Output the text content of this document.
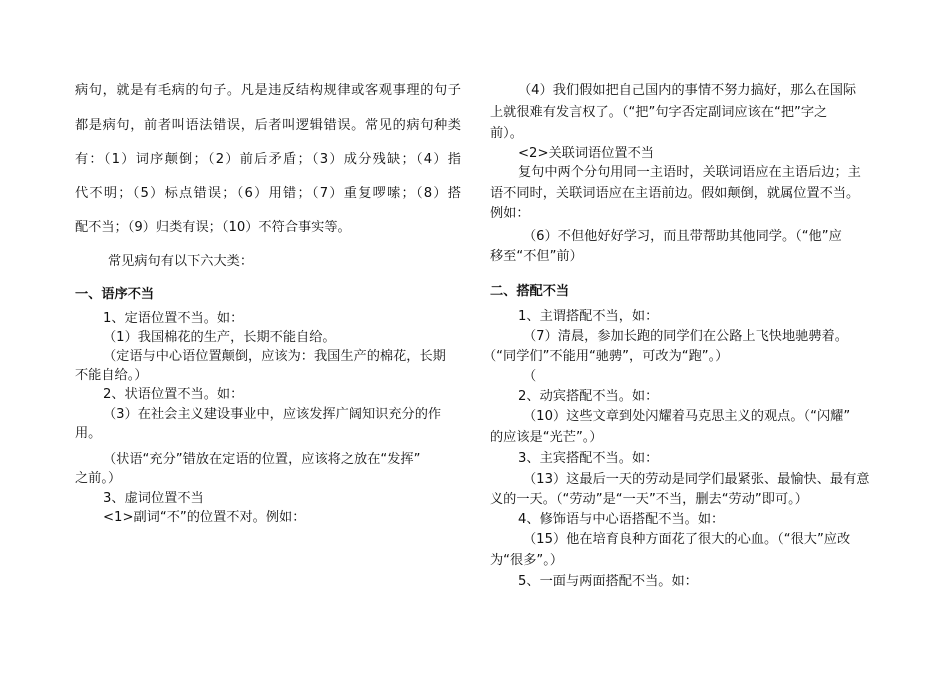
病句，就是有毛病的句子。凡是违反结构规律或客观事理的句子
都是病句，前者叫语法错误，后者叫逻辑错误。常见的病句种类
有：（1）词序颠倒；（2）前后矛盾；（3）成分残缺；（4）指
代不明；（5）标点错误；（6）用错；（7）重复啰嗦；（8）搭
配不当；（9）归类有误；（10）不符合事实等。
常见病句有以下六大类：
一、语序不当
1、定语位置不当。如：
（1）我国棉花的生产，长期不能自给。
（定语与中心语位置颠倒，应该为：我国生产的棉花，长期
不能自给。）
2、状语位置不当。如：
（3）在社会主义建设事业中，应该发挥广阔知识充分的作
用。
（状语“充分”错放在定语的位置，应该将之放在“发挥”
之前。）
3、虚词位置不当
<1>副词“不”的位置不对。例如：
（4）我们假如把自己国内的事情不努力搞好，那么在国际
上就很难有发言权了。（“把”句字否定副词应该在“把”字之
前）。
<2>关联词语位置不当
复句中两个分句用同一主语时，关联词语应在主语后边；主
语不同时，关联词语应在主语前边。假如颠倒，就属位置不当。
例如：
（6）不但他好好学习，而且带帮助其他同学。（“他”应
移至“不但”前）
二、搭配不当
1、主谓搭配不当，如：
（7）清晨，参加长跑的同学们在公路上飞快地驰骋着。
（“同学们”不能用“驰骋”，可改为“跑”。）
（
2、动宾搭配不当。如：
（10）这些文章到处闪耀着马克思主义的观点。（“闪耀”
的应该是“光芒”。）
3、主宾搭配不当。如：
（13）这最后一天的劳动是同学们最紧张、最愉快、最有意
义的一天。（“劳动”是“一天”不当，删去“劳动”即可。）
4、修饰语与中心语搭配不当。如：
（15）他在培育良种方面花了很大的心血。（“很大”应改
为“很多”。）
5、一面与两面搭配不当。如：
